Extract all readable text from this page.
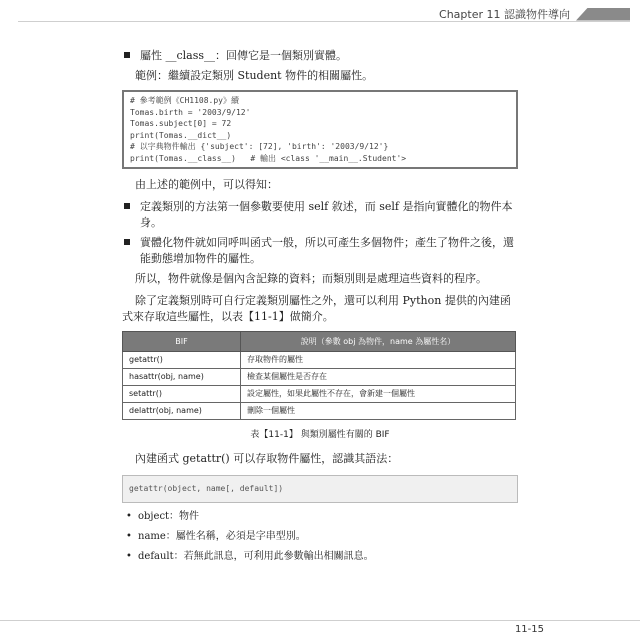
Chapter 11 認識物件導向
屬性 __class__：回傳它是一個類別實體。

範例：繼續設定類別 Student 物件的相關屬性。

# 參考範例《CH1108.py》續
Tomas.birth = '2003/9/12'
Tomas.subject[0] = 72
print(Tomas.__dict__)
# 以字典物件輸出 {'subject': [72], 'birth': '2003/9/12'}
print(Tomas.__class__)   # 輸出 <class '__main__.Student'>

由上述的範例中，可以得知：

定義類別的方法第一個參數要使用 self 敘述，而 self 是指向實體化的物件本身。
實體化物件就如同呼叫函式一般，所以可產生多個物件；產生了物件之後，還能動態增加物件的屬性。

所以，物件就像是個內含記錄的資料；而類別則是處理這些資料的程序。

除了定義類別時可自行定義類別屬性之外，還可以利用 Python 提供的內建函式來存取這些屬性，以表【11-1】做簡介。

BIF	說明（參數 obj 為物件，name 為屬性名）
getattr()	存取物件的屬性
hasattr(obj, name)	檢查某個屬性是否存在
setattr()	設定屬性，如果此屬性不存在，會新建一個屬性
delattr(obj, name)	刪除一個屬性
表【11-1】 與類別屬性有關的 BIF

內建函式 getattr() 可以存取物件屬性，認識其語法：

getattr(object, name[, default])
• object：物件
• name：屬性名稱，必須是字串型別。
• default：若無此訊息，可利用此參數輸出相關訊息。
11-15
